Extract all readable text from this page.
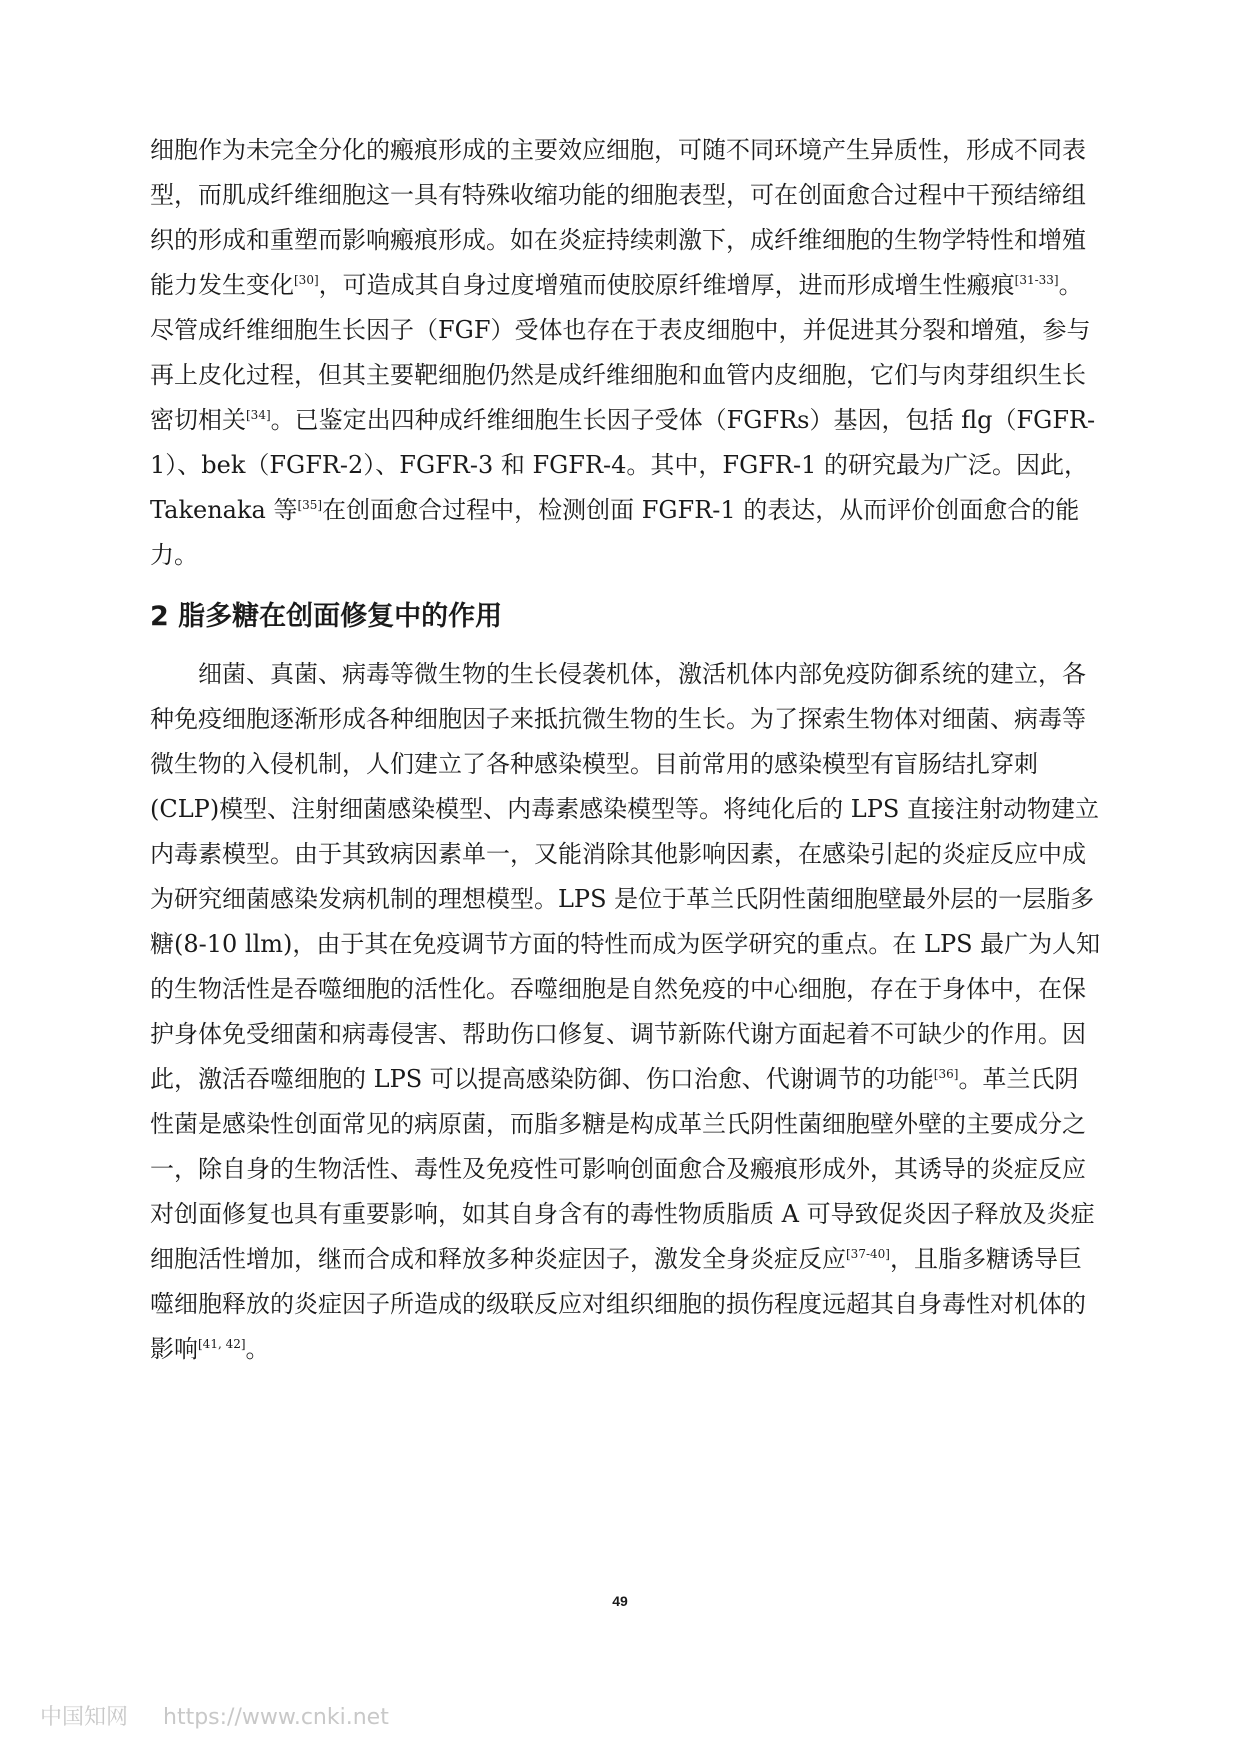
细胞作为未完全分化的瘢痕形成的主要效应细胞，可随不同环境产生异质性，形成不同表型，而肌成纤维细胞这一具有特殊收缩功能的细胞表型，可在创面愈合过程中干预结缔组织的形成和重塑而影响瘢痕形成。如在炎症持续刺激下，成纤维细胞的生物学特性和增殖能力发生变化[30]，可造成其自身过度增殖而使胶原纤维增厚，进而形成增生性瘢痕[31-33]。尽管成纤维细胞生长因子（FGF）受体也存在于表皮细胞中，并促进其分裂和增殖，参与再上皮化过程，但其主要靶细胞仍然是成纤维细胞和血管内皮细胞，它们与肉芽组织生长密切相关[34]。已鉴定出四种成纤维细胞生长因子受体（FGFRs）基因，包括 flg（FGFR-1）、bek（FGFR-2）、FGFR-3 和 FGFR-4。其中，FGFR-1 的研究最为广泛。因此，Takenaka 等[35]在创面愈合过程中，检测创面 FGFR-1 的表达，从而评价创面愈合的能力。

2 脂多糖在创面修复中的作用

细菌、真菌、病毒等微生物的生长侵袭机体，激活机体内部免疫防御系统的建立，各种免疫细胞逐渐形成各种细胞因子来抵抗微生物的生长。为了探索生物体对细菌、病毒等微生物的入侵机制，人们建立了各种感染模型。目前常用的感染模型有盲肠结扎穿刺(CLP)模型、注射细菌感染模型、内毒素感染模型等。将纯化后的 LPS 直接注射动物建立内毒素模型。由于其致病因素单一，又能消除其他影响因素，在感染引起的炎症反应中成为研究细菌感染发病机制的理想模型。LPS 是位于革兰氏阴性菌细胞壁最外层的一层脂多糖(8-10 llm)，由于其在免疫调节方面的特性而成为医学研究的重点。在 LPS 最广为人知的生物活性是吞噬细胞的活性化。吞噬细胞是自然免疫的中心细胞，存在于身体中，在保护身体免受细菌和病毒侵害、帮助伤口修复、调节新陈代谢方面起着不可缺少的作用。因此，激活吞噬细胞的 LPS 可以提高感染防御、伤口治愈、代谢调节的功能[36]。革兰氏阴性菌是感染性创面常见的病原菌，而脂多糖是构成革兰氏阴性菌细胞壁外壁的主要成分之一，除自身的生物活性、毒性及免疫性可影响创面愈合及瘢痕形成外，其诱导的炎症反应对创面修复也具有重要影响，如其自身含有的毒性物质脂质 A 可导致促炎因子释放及炎症细胞活性增加，继而合成和释放多种炎症因子，激发全身炎症反应[37-40]，且脂多糖诱导巨噬细胞释放的炎症因子所造成的级联反应对组织细胞的损伤程度远超其自身毒性对机体的影响[41, 42]。

49
中国知网 https://www.cnki.net
